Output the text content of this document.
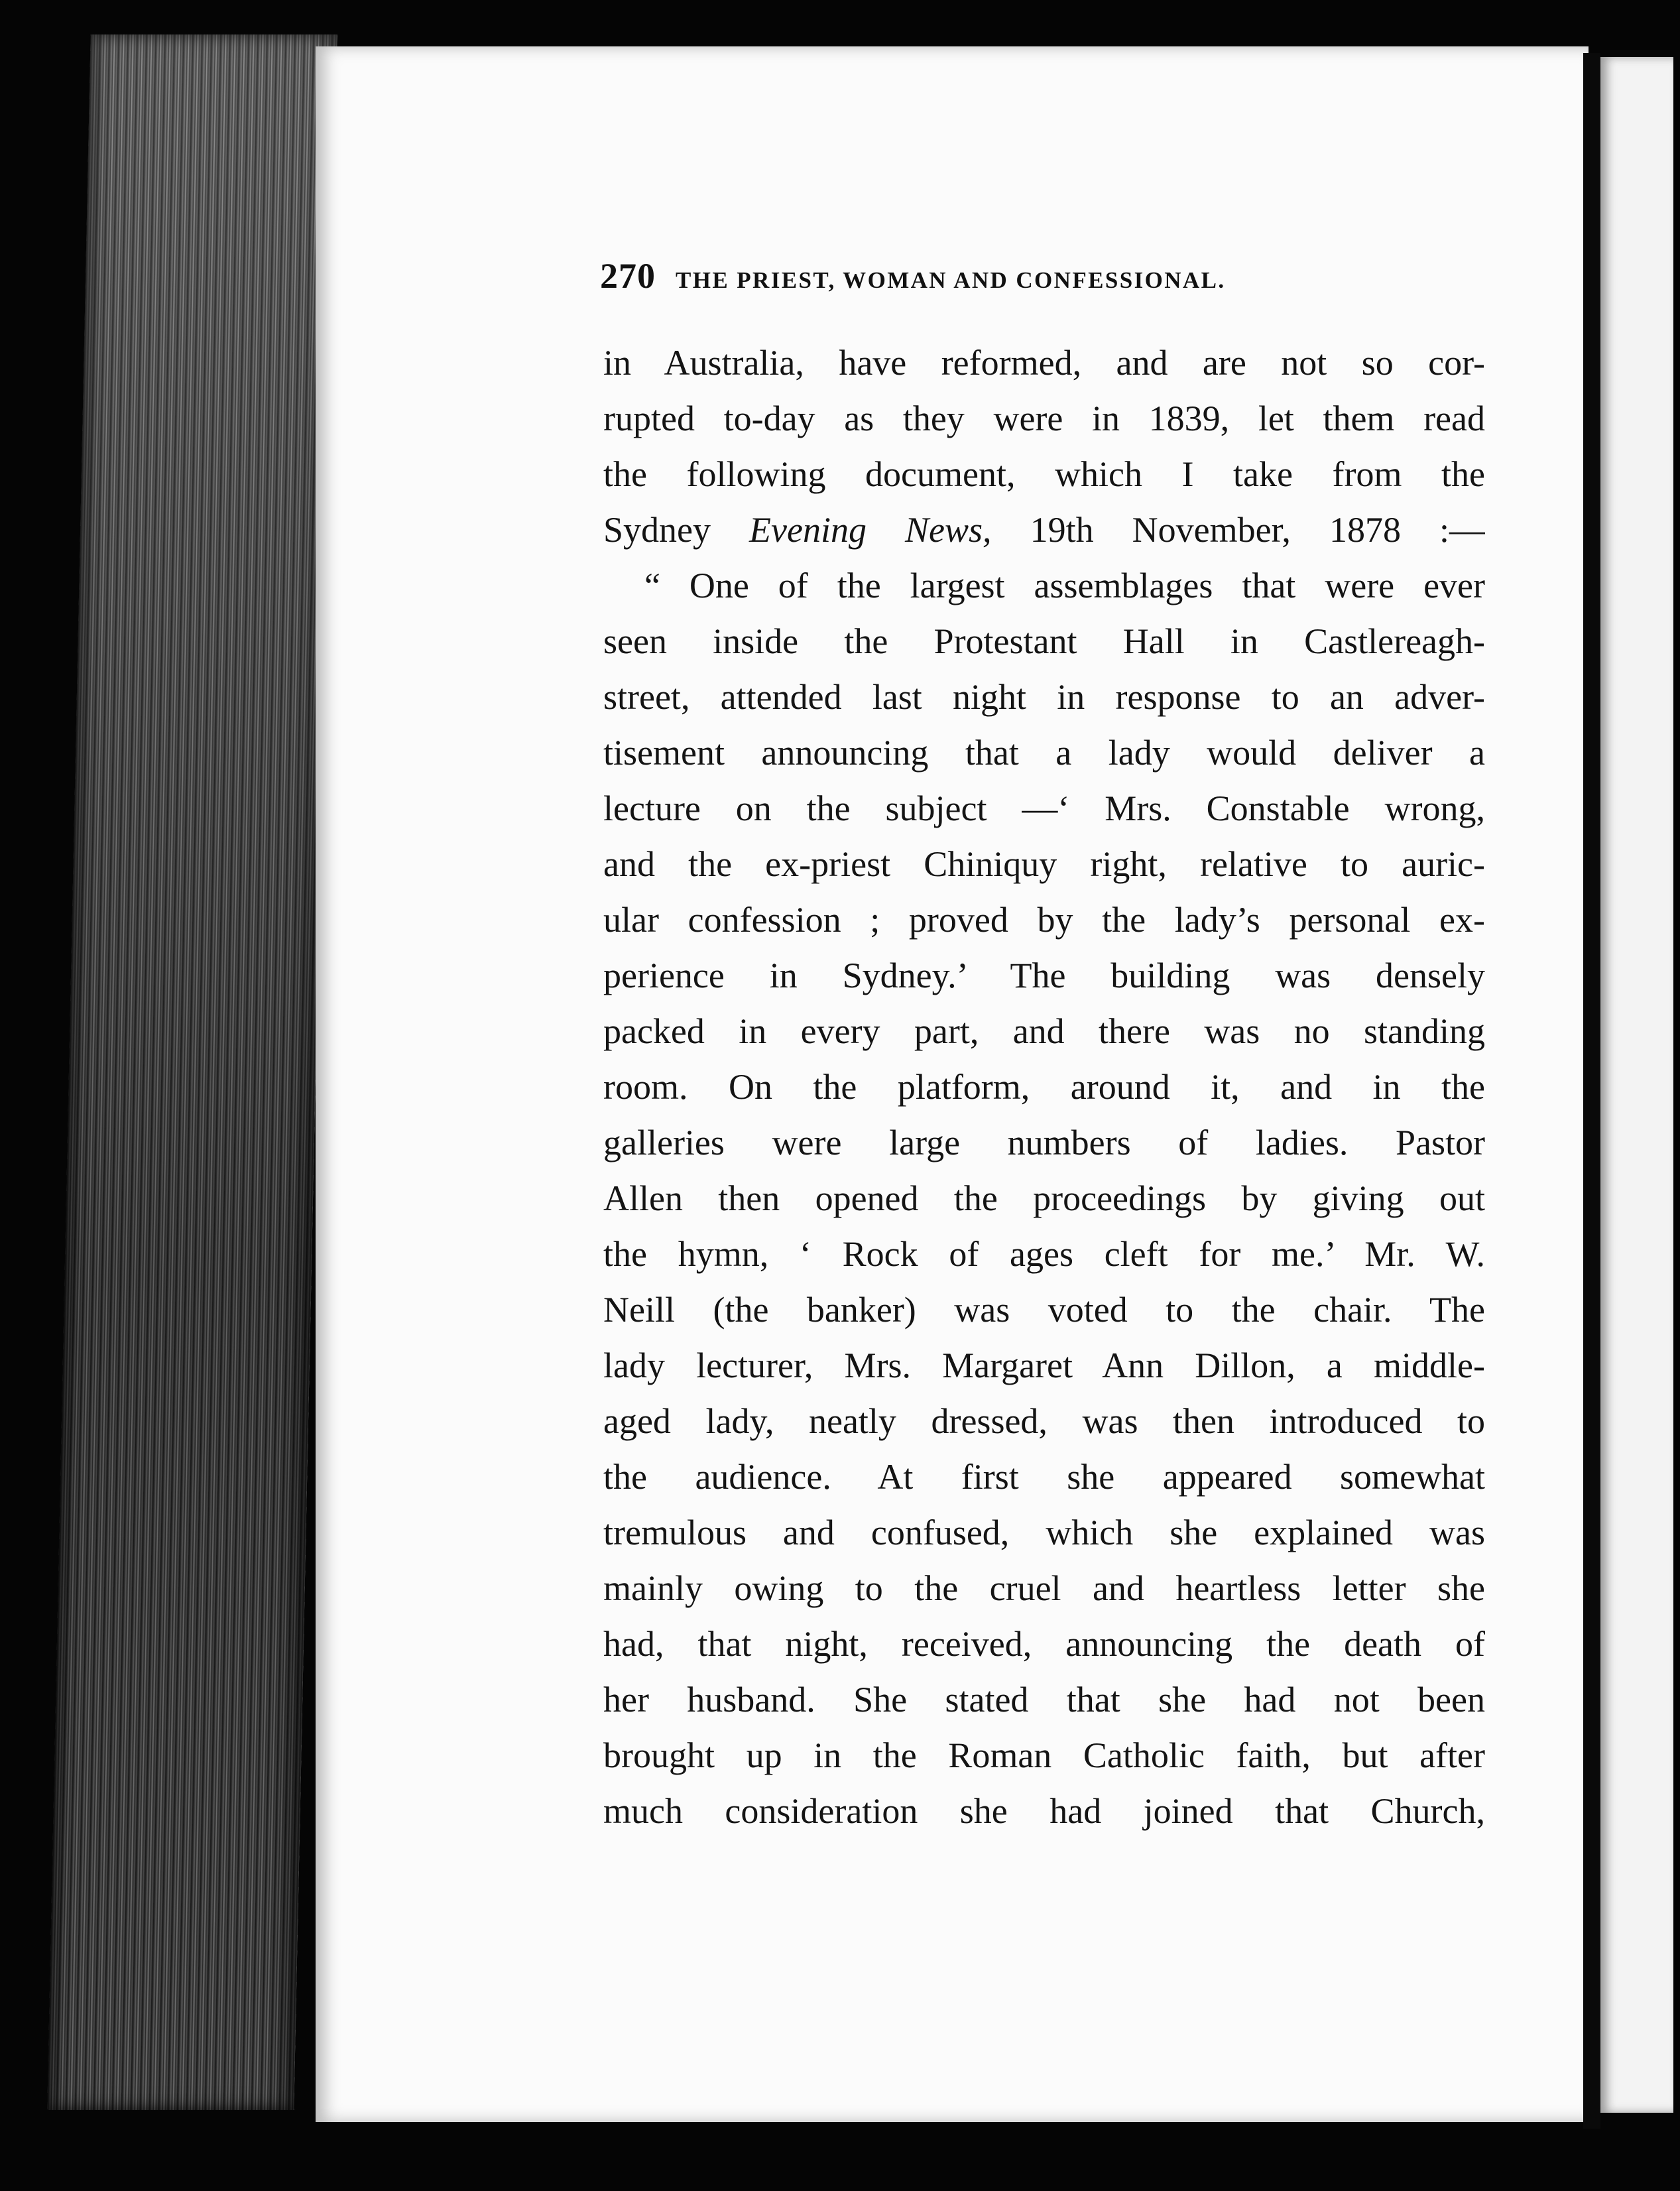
270 THE PRIEST, WOMAN AND CONFESSIONAL.
in Australia, have reformed, and are not so cor-
rupted to-day as they were in 1839, let them read
the following document, which I take from the
Sydney Evening News, 19th November, 1878 :—
“ One of the largest assemblages that were ever
seen inside the Protestant Hall in Castlereagh-
street, attended last night in response to an adver-
tisement announcing that a lady would deliver a
lecture on the subject —‘ Mrs. Constable wrong,
and the ex-priest Chiniquy right, relative to auric-
ular confession ; proved by the lady’s personal ex-
perience in Sydney.’ The building was densely
packed in every part, and there was no standing
room. On the platform, around it, and in the
galleries were large numbers of ladies. Pastor
Allen then opened the proceedings by giving out
the hymn, ‘ Rock of ages cleft for me.’ Mr. W.
Neill (the banker) was voted to the chair. The
lady lecturer, Mrs. Margaret Ann Dillon, a middle-
aged lady, neatly dressed, was then introduced to
the audience. At first she appeared somewhat
tremulous and confused, which she explained was
mainly owing to the cruel and heartless letter she
had, that night, received, announcing the death of
her husband. She stated that she had not been
brought up in the Roman Catholic faith, but after
much consideration she had joined that Church,
